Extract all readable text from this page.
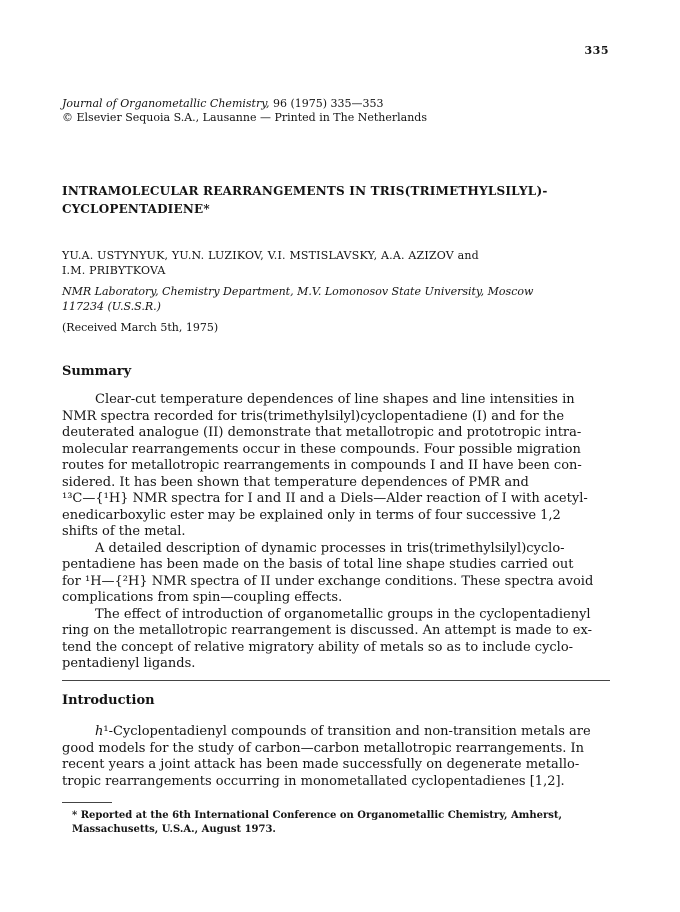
335
Journal of Organometallic Chemistry, 96 (1975) 335—353
© Elsevier Sequoia S.A., Lausanne — Printed in The Netherlands
INTRAMOLECULAR REARRANGEMENTS IN TRIS(TRIMETHYLSILYL)-
CYCLOPENTADIENE*
YU.A. USTYNYUK, YU.N. LUZIKOV, V.I. MSTISLAVSKY, A.A. AZIZOV and
I.M. PRIBYTKOVA
NMR Laboratory, Chemistry Department, M.V. Lomonosov State University, Moscow
117234 (U.S.S.R.)
(Received March 5th, 1975)
Summary

Clear-cut temperature dependences of line shapes and line intensities in
NMR spectra recorded for tris(trimethylsilyl)cyclopentadiene (I) and for the
deuterated analogue (II) demonstrate that metallotropic and prototropic intra-
molecular rearrangements occur in these compounds. Four possible migration
routes for metallotropic rearrangements in compounds I and II have been con-
sidered. It has been shown that temperature dependences of PMR and
¹³C—{¹H} NMR spectra for I and II and a Diels—Alder reaction of I with acetyl-
enedicarboxylic ester may be explained only in terms of four successive 1,2
shifts of the metal.

A detailed description of dynamic processes in tris(trimethylsilyl)cyclo-
pentadiene has been made on the basis of total line shape studies carried out
for ¹H—{²H} NMR spectra of II under exchange conditions. These spectra avoid
complications from spin—coupling effects.

The effect of introduction of organometallic groups in the cyclopentadienyl
ring on the metallotropic rearrangement is discussed. An attempt is made to ex-
tend the concept of relative migratory ability of metals so as to include cyclo-
pentadienyl ligands.

Introduction

h¹-Cyclopentadienyl compounds of transition and non-transition metals are
good models for the study of carbon—carbon metallotropic rearrangements. In
recent years a joint attack has been made successfully on degenerate metallo-
tropic rearrangements occurring in monometallated cyclopentadienes [1,2].

* Reported at the 6th International Conference on Organometallic Chemistry, Amherst,
Massachusetts, U.S.A., August 1973.
